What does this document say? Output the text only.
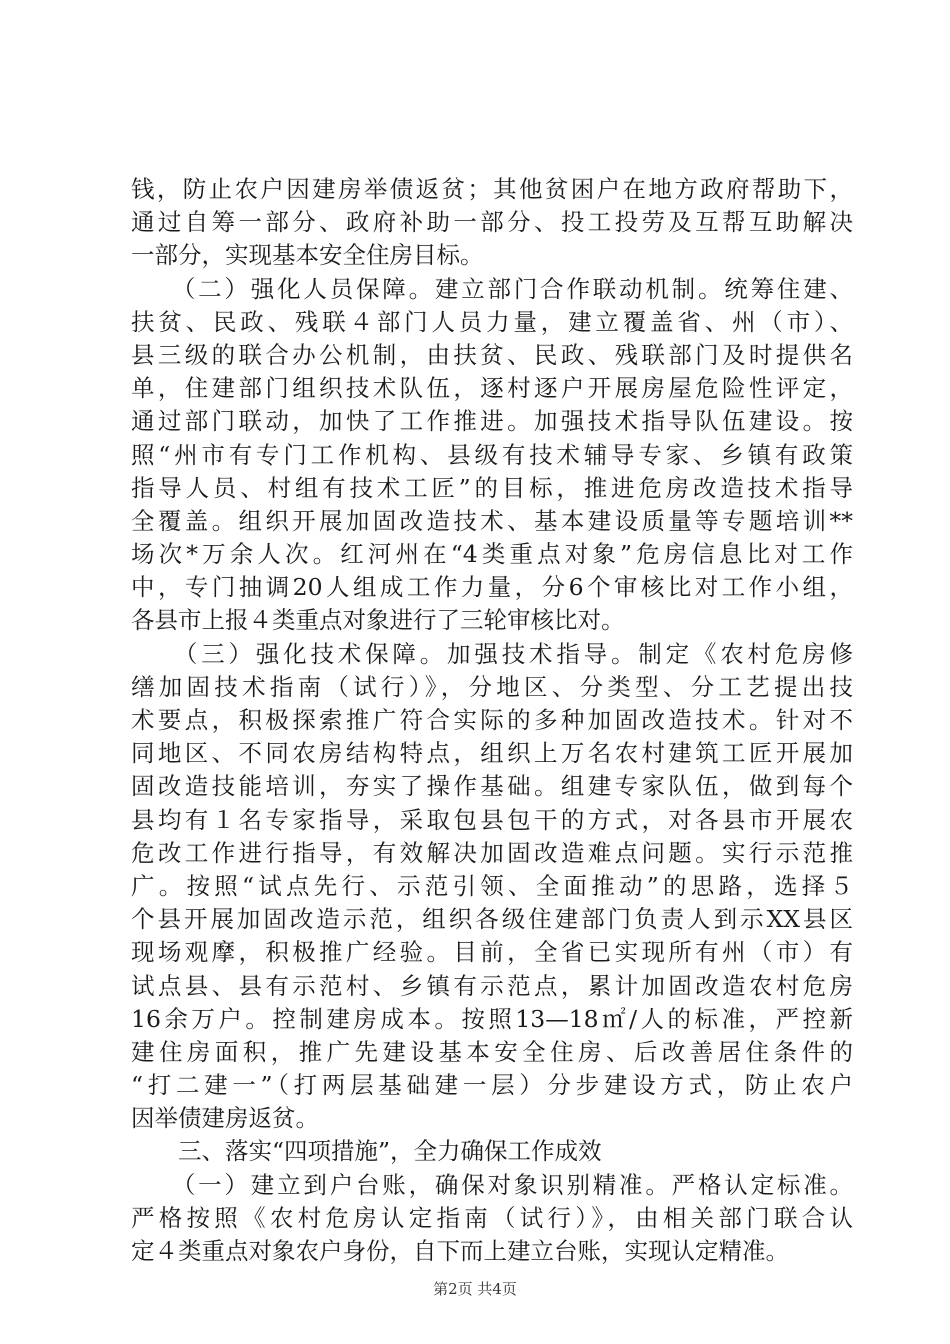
钱，防止农户因建房举债返贫；其他贫困户在地方政府帮助下，
通过自筹一部分、政府补助一部分、投工投劳及互帮互助解决
一部分，实现基本安全住房目标。
　　（二）强化人员保障。建立部门合作联动机制。统筹住建、
扶贫、民政、残联４部门人员力量，建立覆盖省、州（市）、
县三级的联合办公机制，由扶贫、民政、残联部门及时提供名
单，住建部门组织技术队伍，逐村逐户开展房屋危险性评定，
通过部门联动，加快了工作推进。加强技术指导队伍建设。按
照“州市有专门工作机构、县级有技术辅导专家、乡镇有政策
指导人员、村组有技术工匠”的目标，推进危房改造技术指导
全覆盖。组织开展加固改造技术、基本建设质量等专题培训**
场次*万余人次。红河州在“4类重点对象”危房信息比对工作
中，专门抽调20人组成工作力量，分6个审核比对工作小组，
各县市上报４类重点对象进行了三轮审核比对。
　　（三）强化技术保障。加强技术指导。制定《农村危房修
缮加固技术指南（试行）》，分地区、分类型、分工艺提出技
术要点，积极探索推广符合实际的多种加固改造技术。针对不
同地区、不同农房结构特点，组织上万名农村建筑工匠开展加
固改造技能培训，夯实了操作基础。组建专家队伍，做到每个
县均有１名专家指导，采取包县包干的方式，对各县市开展农
危改工作进行指导，有效解决加固改造难点问题。实行示范推
广。按照“试点先行、示范引领、全面推动”的思路，选择５
个县开展加固改造示范，组织各级住建部门负责人到示XX县区
现场观摩，积极推广经验。目前，全省已实现所有州（市）有
试点县、县有示范村、乡镇有示范点，累计加固改造农村危房
16余万户。控制建房成本。按照13—18㎡/人的标准，严控新
建住房面积，推广先建设基本安全住房、后改善居住条件的
“打二建一”（打两层基础建一层）分步建设方式，防止农户
因举债建房返贫。
　　三、落实“四项措施”，全力确保工作成效
　　（一）建立到户台账，确保对象识别精准。严格认定标准。
严格按照《农村危房认定指南（试行）》，由相关部门联合认
定４类重点对象农户身份，自下而上建立台账，实现认定精准。
第2页 共4页
